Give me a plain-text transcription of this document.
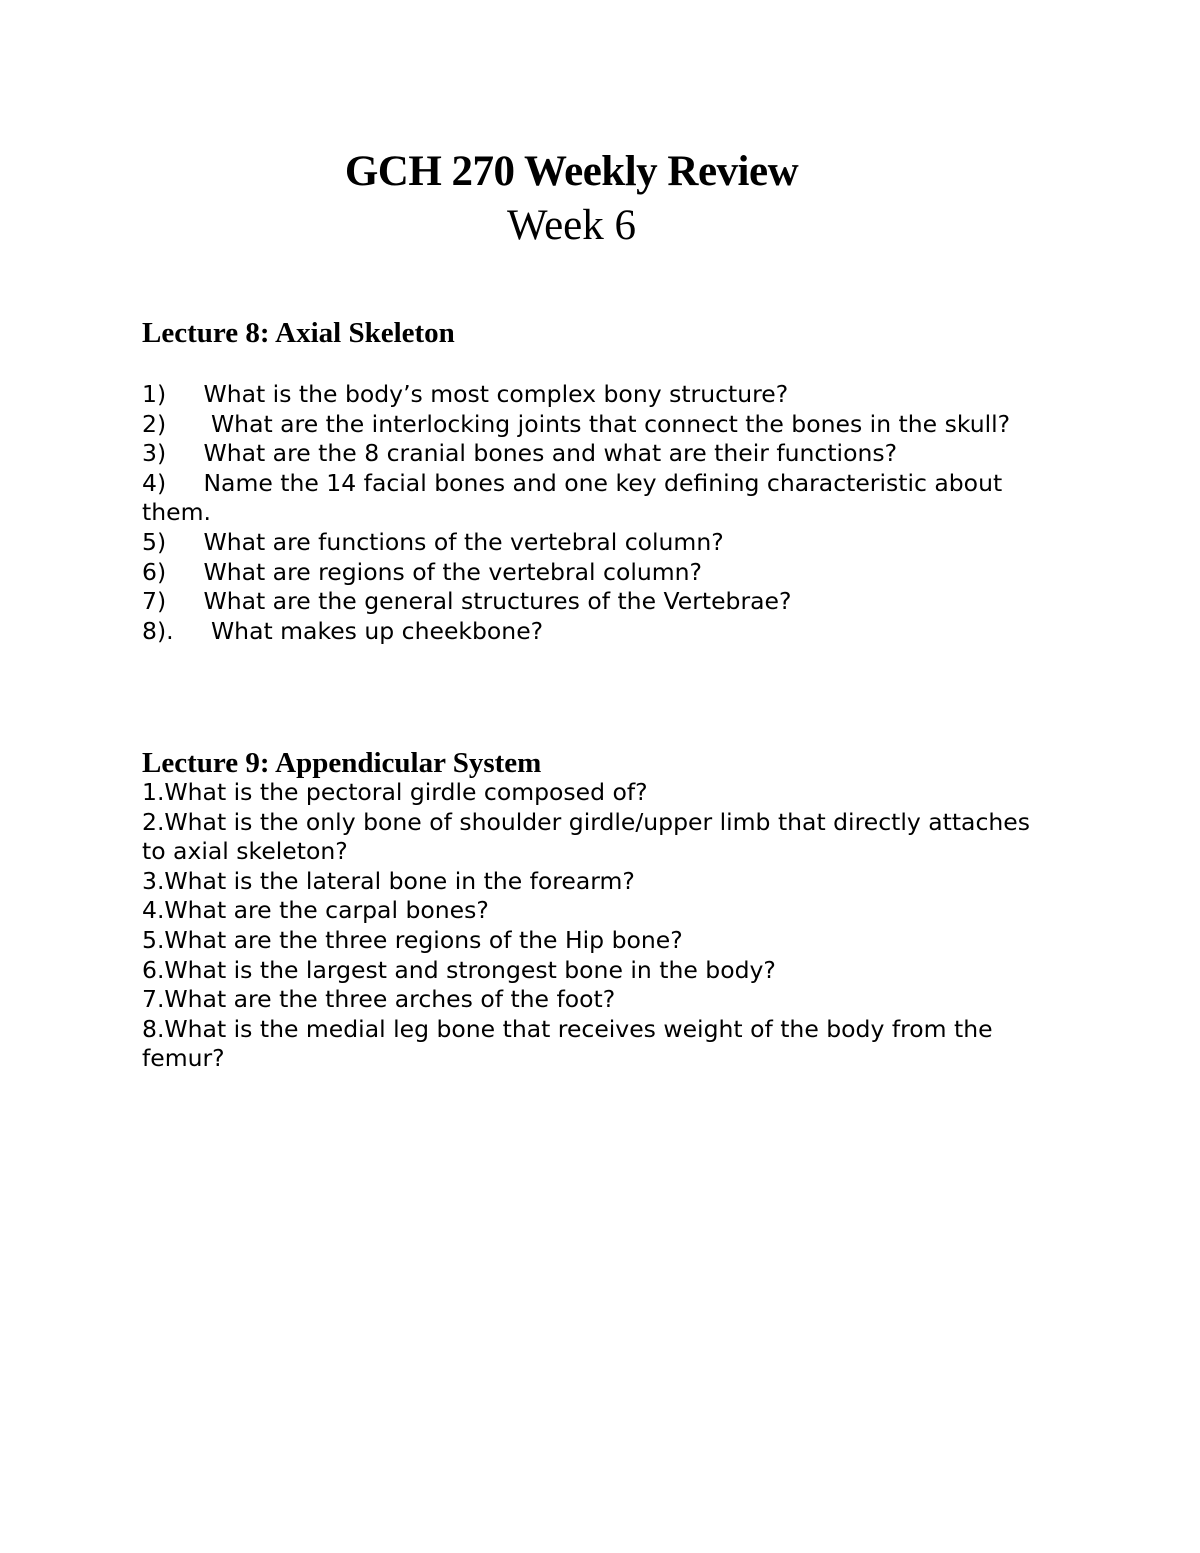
GCH 270 Weekly Review
Week 6
Lecture 8: Axial Skeleton
1)     What is the body’s most complex bony structure?
2)      What are the interlocking joints that connect the bones in the skull?
3)     What are the 8 cranial bones and what are their functions?
4)     Name the 14 facial bones and one key defining characteristic about them.
5)     What are functions of the vertebral column?
6)     What are regions of the vertebral column?
7)     What are the general structures of the Vertebrae?
8).     What makes up cheekbone?
Lecture 9: Appendicular System
1.What is the pectoral girdle composed of?
2.What is the only bone of shoulder girdle/upper limb that directly attaches to axial skeleton?
3.What is the lateral bone in the forearm?
4.What are the carpal bones?
5.What are the three regions of the Hip bone?
6.What is the largest and strongest bone in the body?
7.What are the three arches of the foot?
8.What is the medial leg bone that receives weight of the body from the femur?
